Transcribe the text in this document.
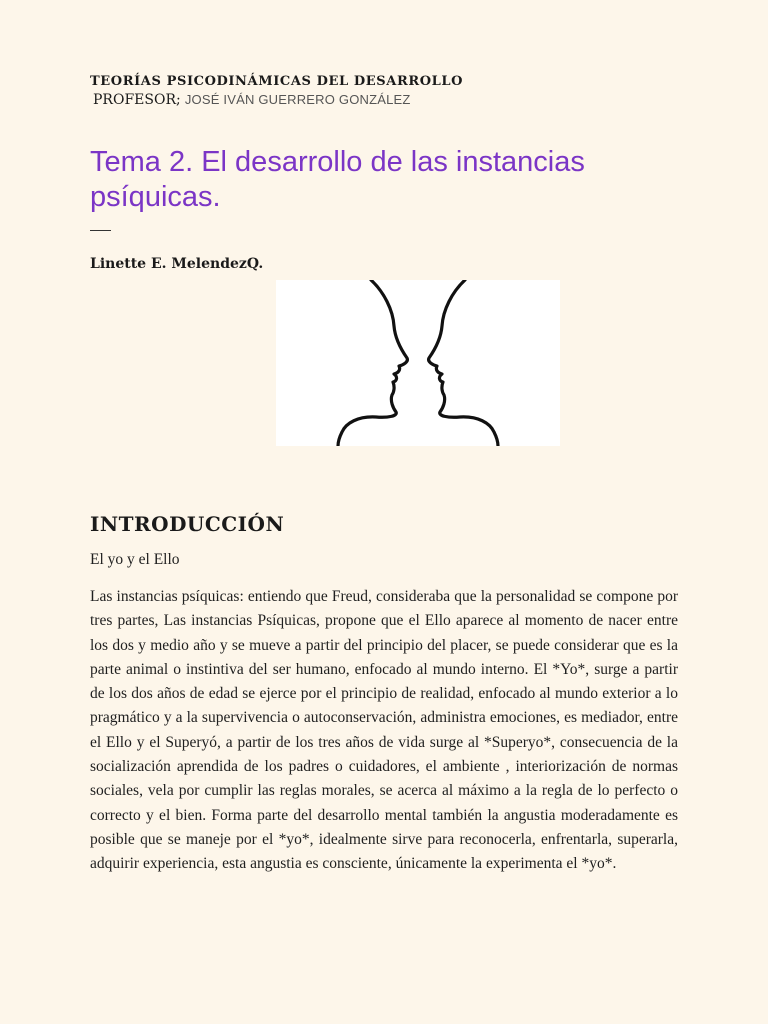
TEORÍAS PSICODINÁMICAS DEL DESARROLLO
PROFESOR; JOSÉ IVÁN GUERRERO GONZÁLEZ
Tema 2. El desarrollo de las instancias psíquicas.
Linette E. MelendezQ.
INTRODUCCIÓN
El yo y el Ello

Las instancias psíquicas: entiendo que Freud, consideraba que la personalidad se compone por tres partes, Las instancias Psíquicas, propone que el Ello aparece al momento de nacer entre los dos y medio año y se mueve a partir del principio del placer, se puede considerar que es la parte animal o instintiva del ser humano, enfocado al mundo interno. El *Yo*, surge a partir de los dos años de edad se ejerce por el principio de realidad, enfocado al mundo exterior a lo pragmático y a la supervivencia o autoconservación, administra emociones, es mediador, entre el Ello y el Superyó, a partir de los tres años de vida surge al *Superyo*, consecuencia de la socialización aprendida de los padres o cuidadores, el ambiente , interiorización de normas sociales, vela por cumplir las reglas morales, se acerca al máximo a la regla de lo perfecto o correcto y el bien. Forma parte del desarrollo mental también la angustia moderadamente es posible que se maneje por el *yo*, idealmente sirve para reconocerla, enfrentarla, superarla, adquirir experiencia, esta angustia es consciente, únicamente la experimenta el *yo*.
